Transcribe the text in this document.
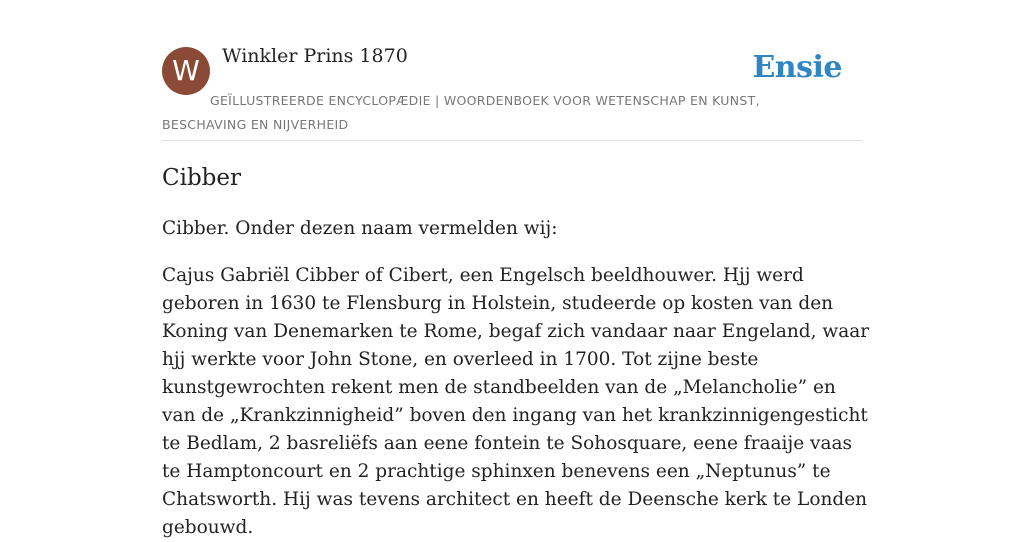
W	Winkler Prins 1870
GEÏLLUSTREERDE ENCYCLOPÆDIE | WOORDENBOEK VOOR WETENSCHAP EN KUNST, BESCHAVING EN NIJVERHEID
Ensie
Cibber

Cibber. Onder dezen naam vermelden wij:

Cajus Gabriël Cibber of Cibert, een Engelsch beeldhouwer. Hjj werd geboren in 1630 te Flensburg in Holstein, studeerde op kosten van den Koning van Denemarken te Rome, begaf zich vandaar naar Engeland, waar hjj werkte voor John Stone, en overleed in 1700. Tot zijne beste kunstgewrochten rekent men de standbeelden van de „Melancholie” en van de „Krankzinnigheid” boven den ingang van het krankzinnigengesticht te Bedlam, 2 basreliëfs aan eene fontein te Sohosquare, eene fraaije vaas te Hamptoncourt en 2 prachtige sphinxen benevens een „Neptunus” te Chatsworth. Hij was tevens architect en heeft de Deensche kerk te Londen gebouwd.
